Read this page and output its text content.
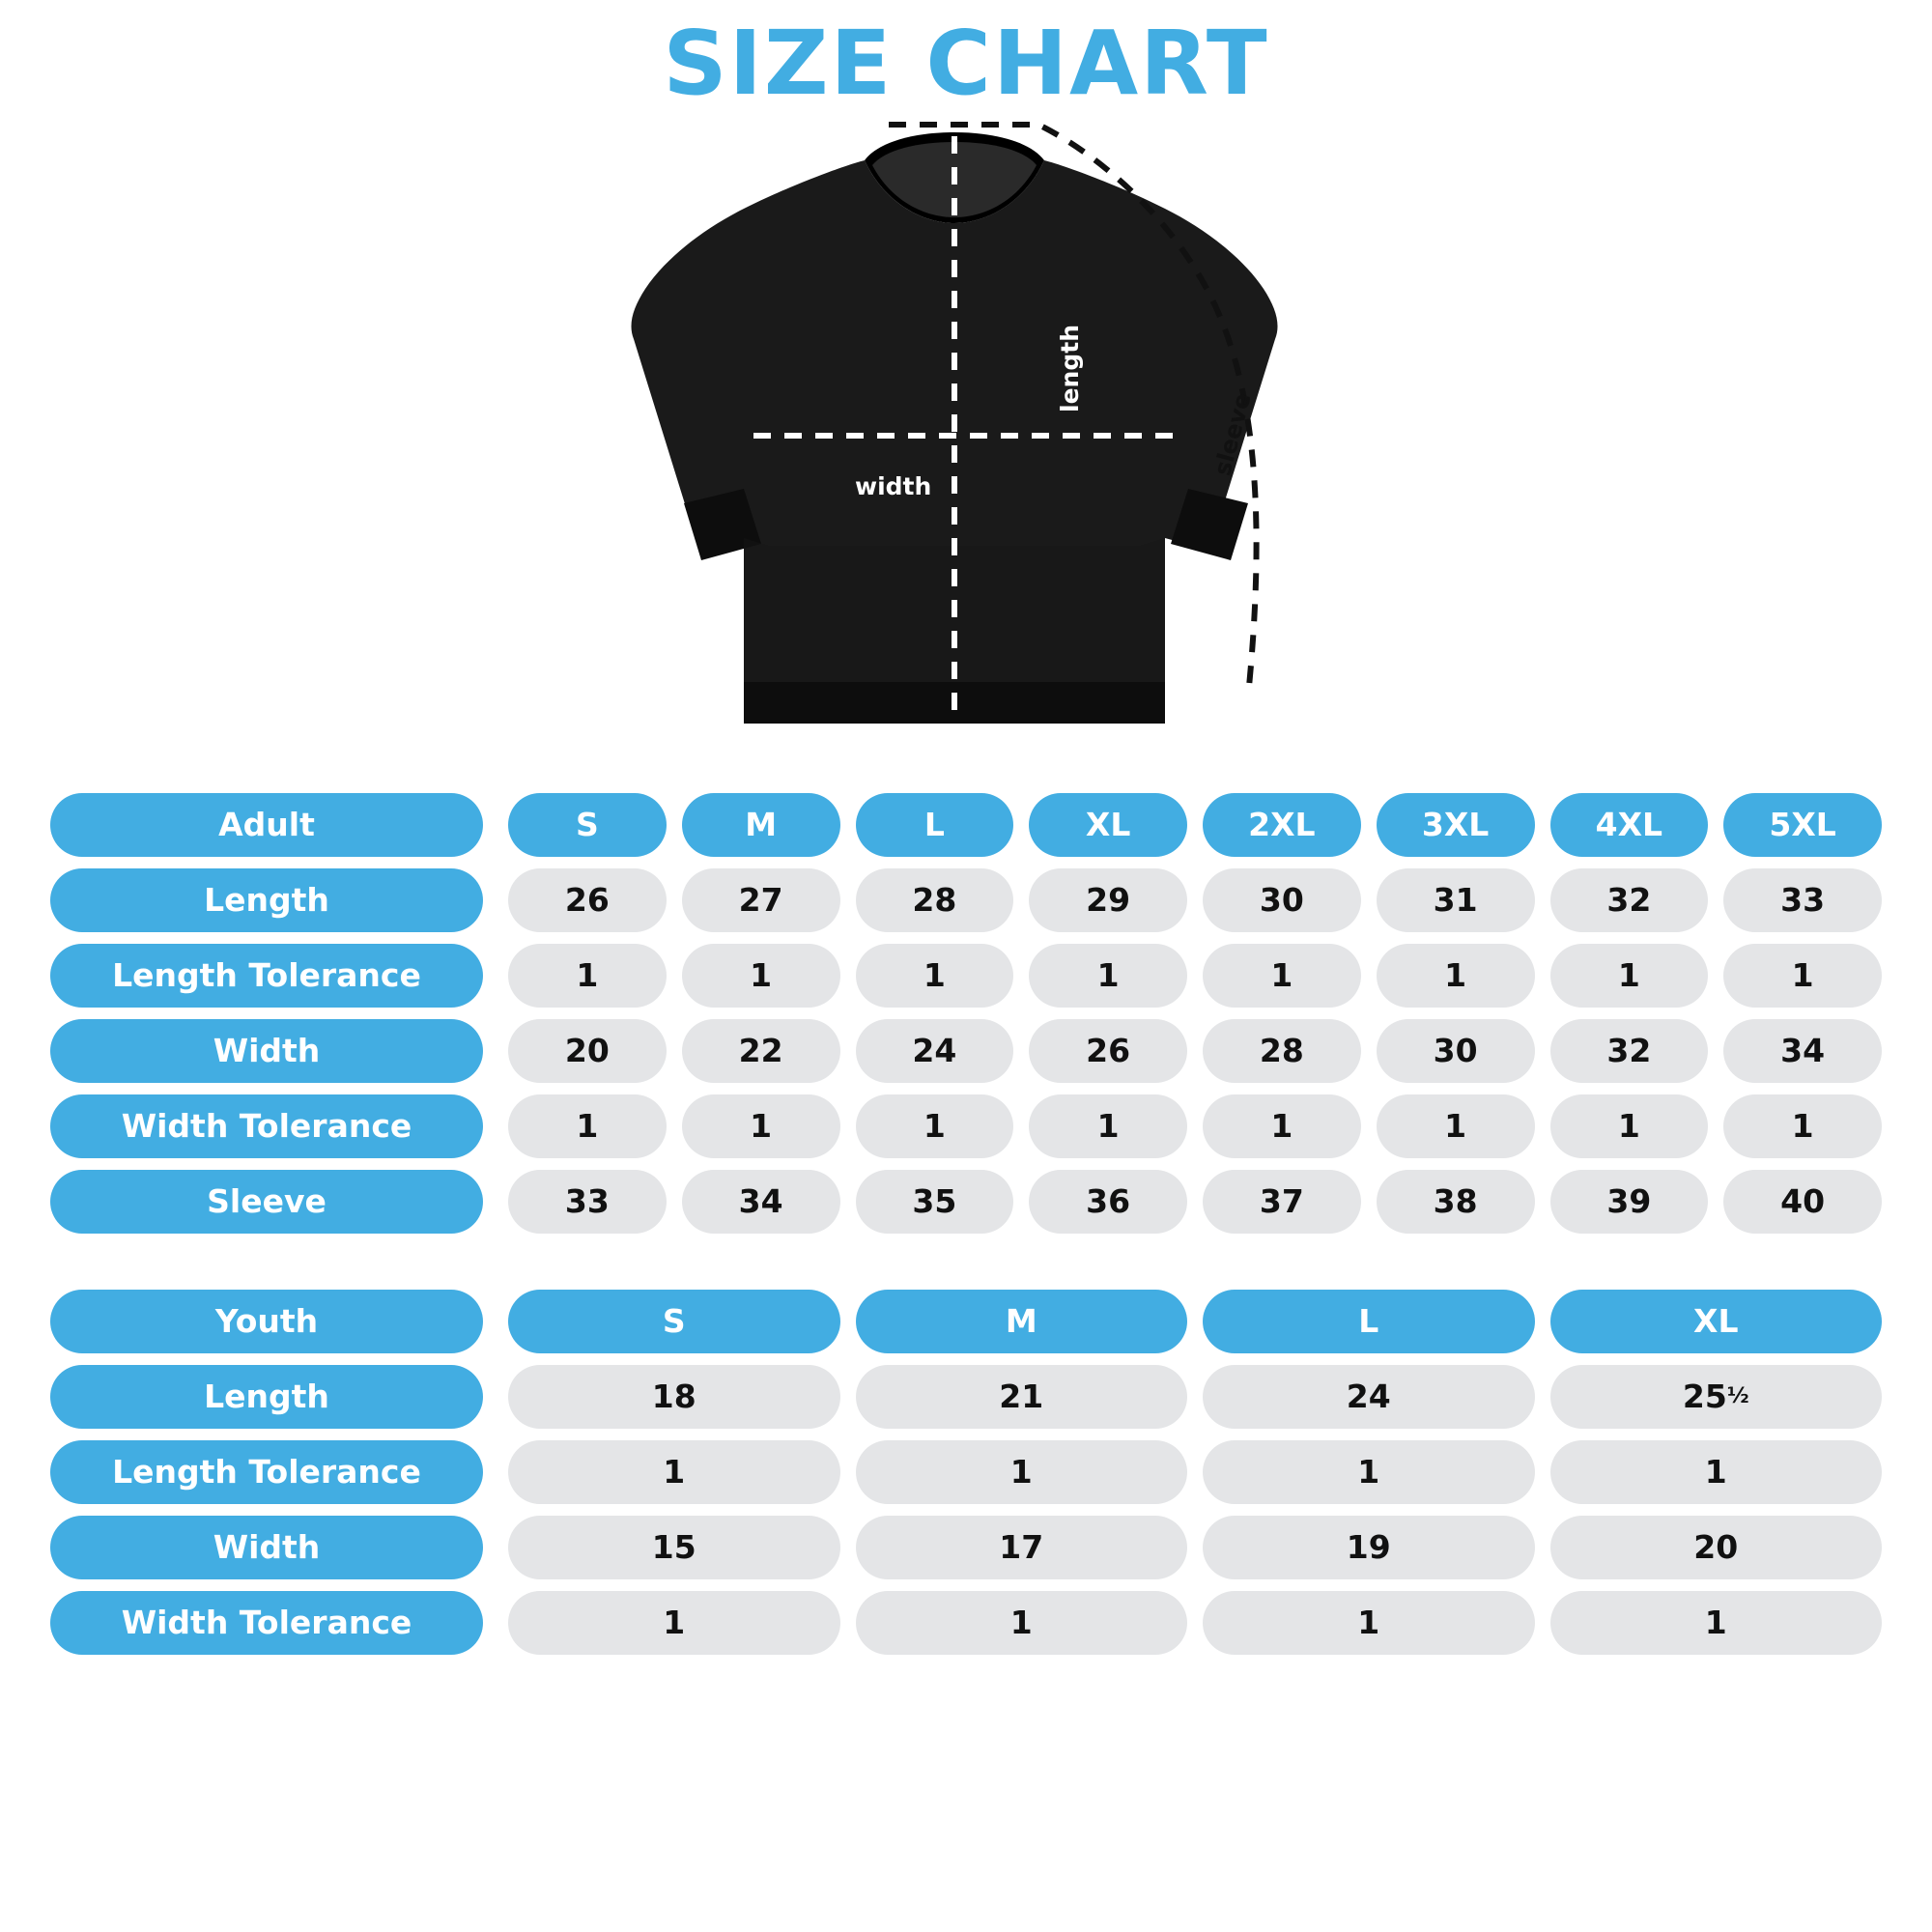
SIZE CHART
width
length
sleeve
Adult	S	M	L	XL	2XL	3XL	4XL	5XL
Length	26	27	28	29	30	31	32	33
Length Tolerance	1	1	1	1	1	1	1	1
Width	20	22	24	26	28	30	32	34
Width Tolerance	1	1	1	1	1	1	1	1
Sleeve	33	34	35	36	37	38	39	40
Youth	S	M	L	XL
Length	18	21	24	25 ½
Length Tolerance	1	1	1	1
Width	15	17	19	20
Width Tolerance	1	1	1	1
